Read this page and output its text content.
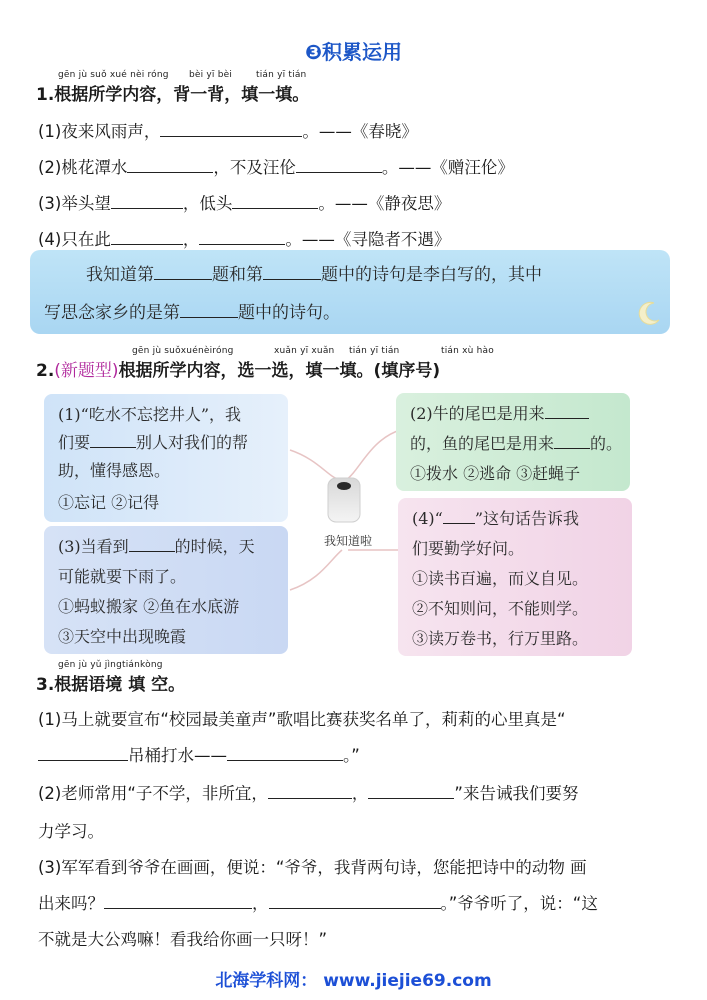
❸积累运用
gēn jù suǒ xué nèi róng bèi yī bèi	tián yī tián
1.根据所学内容，背一背，填一填。
(1)夜来风雨声，	。——《春晓》
(2)桃花潭水	，不及汪伦	。——《赠汪伦》
(3)举头望	，低头	。——《静夜思》
(4)只在此	，	。——《寻隐者不遇》
我知道第	题和第	题中的诗句是李白写的，其中
写思念家乡的是第	题中的诗句。
gēn jù suǒxuénèiróng	xuǎn yī xuǎn tián yī tián	tián xù hào
2.(新题型)根据所学内容，选一选，填一填。(填序号)
我知道啦
(1)“吃水不忘挖井人”，我
们要	别人对我们的帮
助，懂得感恩。
①忘记 ②记得
(2)牛的尾巴是用来
的，鱼的尾巴是用来 的。
①拨水 ②逃命 ③赶蝇子
(3)当看到	的时候，天
可能就要下雨了。
①蚂蚁搬家 ②鱼在水底游
③天空中出现晚霞
(4)“ ”这句话告诉我
们要勤学好问。
①读书百遍，而义自见。
②不知则问，不能则学。
③读万卷书，行万里路。
gēn jù yǔ jìngtiánkòng
3.根据语境 填 空。
(1)马上就要宣布“校园最美童声”歌唱比赛获奖名单了，莉莉的心里真是“
吊桶打水——	。”
(2)老师常用“子不学，非所宜，	，	”来告诫我们要努
力学习。
(3)军军看到爷爷在画画，便说：“爷爷，我背两句诗，您能把诗中的动物 画
出来吗？	，	。”爷爷听了，说：“这
不就是大公鸡嘛！看我给你画一只呀！”
北海学科网： www.jiejie69.com
